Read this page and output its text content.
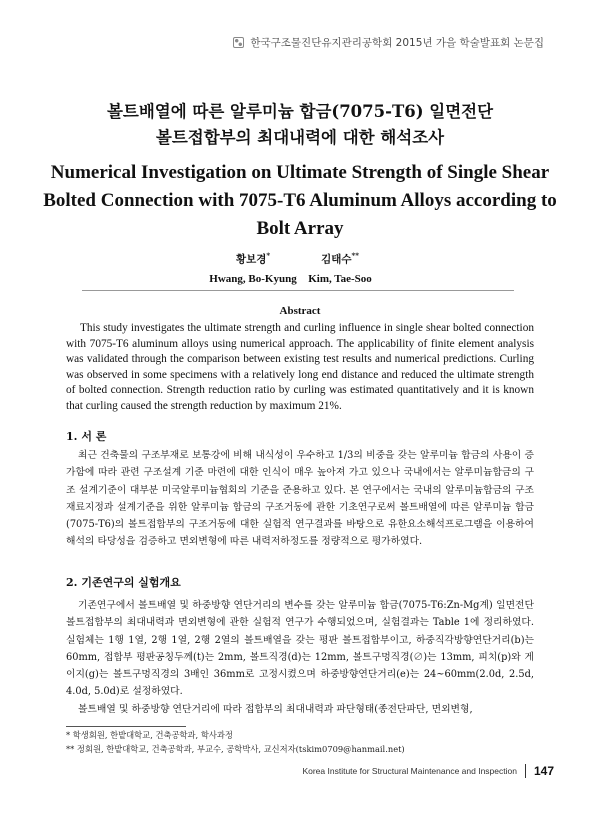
한국구조물진단유지관리공학회 2015년 가을 학술발표회 논문집
볼트배열에 따른 알루미늄 합금(7075-T6) 일면전단
볼트접합부의 최대내력에 대한 해석조사
Numerical Investigation on Ultimate Strength of Single Shear Bolted Connection with 7075-T6 Aluminum Alloys according to Bolt Array
황보경*
Hwang, Bo-Kyung
김태수**
Kim, Tae-Soo
Abstract

This study investigates the ultimate strength and curling influence in single shear bolted connection with 7075-T6 aluminum alloys using numerical approach. The applicability of finite element analysis was validated through the comparison between existing test results and numerical predictions. Curling was observed in some specimens with a relatively long end distance and reduced the ultimate strength of bolted connection. Strength reduction ratio by curling was estimated quantitatively and it is known that curling caused the strength reduction by maximum 21%.

1. 서 론

최근 건축물의 구조부재로 보통강에 비해 내식성이 우수하고 1/3의 비중을 갖는 알루미늄 합금의 사용이 증가함에 따라 관련 구조설계 기준 마련에 대한 인식이 매우 높아져 가고 있으나 국내에서는 알루미늄합금의 구조 설계기준이 대부분 미국알루미늄협회의 기준을 준용하고 있다. 본 연구에서는 국내의 알루미늄합금의 구조재료지정과 설계기준을 위한 알루미늄 합금의 구조거동에 관한 기초연구로써 볼트배열에 따른 알루미늄 합금(7075-T6)의 볼트접합부의 구조거동에 대한 실험적 연구결과를 바탕으로 유한요소해석프로그램을 이용하여 해석의 타당성을 검증하고 면외변형에 따른 내력저하정도를 정량적으로 평가하였다.

2. 기존연구의 실험개요

기존연구에서 볼트배열 및 하중방향 연단거리의 변수를 갖는 알루미늄 합금(7075-T6:Zn-Mg계) 일면전단 볼트접합부의 최대내력과 면외변형에 관한 실험적 연구가 수행되었으며, 실험결과는 Table 1에 정리하였다. 실험체는 1행 1열, 2행 1열, 2행 2열의 볼트배열을 갖는 평판 볼트접합부이고, 하중직각방향연단거리(b)는 60mm, 접합부 평판공칭두께(t)는 2mm, 볼트직경(d)는 12mm, 볼트구멍직경(∅)는 13mm, 피치(p)와 게이지(g)는 볼트구멍직경의 3배인 36mm로 고정시켰으며 하중방향연단거리(e)는 24~60mm(2.0d, 2.5d, 4.0d, 5.0d)로 설정하였다.

볼트배열 및 하중방향 연단거리에 따라 접합부의 최대내력과 파단형태(종전단파단, 면외변형,

* 학생회원, 한밭대학교, 건축공학과, 학사과정
** 정회원, 한밭대학교, 건축공학과, 부교수, 공학박사, 교신저자(tskim0709@hanmail.net)
Korea Institute for Structural Maintenance and Inspection 147
